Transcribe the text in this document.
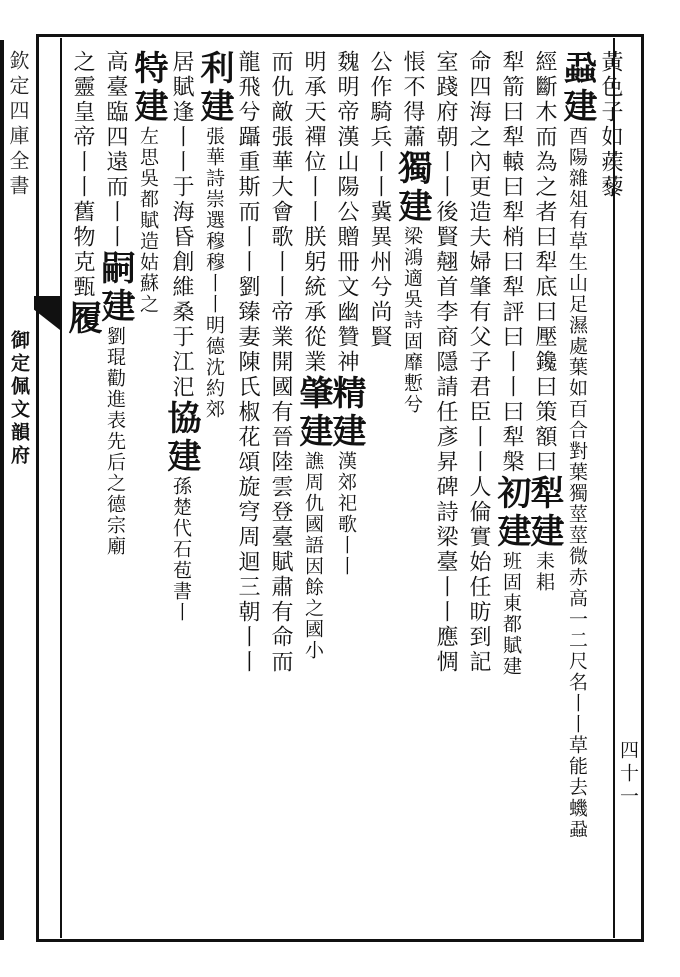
欽定四庫全書
御定佩文韻府
四十一
黃色子如蒺藜
蝨建酉陽雜俎有草生山足濕處葉如百合對葉獨莖莖微赤高一二尺名丨丨草能去蟣蝨
經斷木而為之者曰犁底曰壓鑱曰策額曰犁建耒耜
犁箭曰犁轅曰犁梢曰犁評曰丨丨曰犁槃初建班固東都賦建
命四海之內更造夫婦肇有父子君臣丨丨人倫實始任昉到記
室踐府朝丨丨後賢翹首李商隱請任彥昇碑詩梁臺丨丨應惆
悵不得蕭獨建梁鴻適吳詩固靡慙兮
公作騎兵丨丨冀異州兮尚賢
魏明帝漢山陽公贈冊文幽贊神精建漢郊祀歌丨丨
明承天禪位丨丨朕躬統承從業肇建譙周仇國語因餘之國小
而仇敵張華大會歌丨丨帝業開國有晉陸雲登臺賦肅有命而
龍飛兮躡重斯而丨丨劉臻妻陳氏椒花頌旋穹周迴三朝丨丨
利建張華詩崇選穆穆丨丨明德沈約郊
居賦逢丨丨于海昏創維桑于江汜協建孫楚代石苞書丨
特建左思吳都賦造姑蘇之
高臺臨四遠而丨丨嗣建劉琨勸進表先后之德宗廟
之靈皇帝丨丨舊物克甄履
